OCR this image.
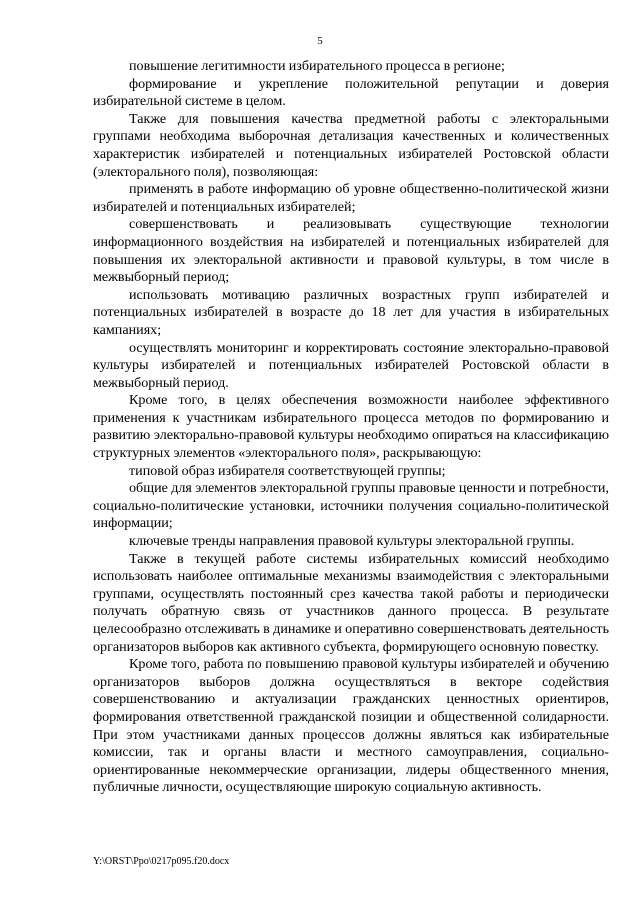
5

повышение легитимности избирательного процесса в регионе;

формирование и укрепление положительной репутации и доверия избирательной системе в целом.

Также для повышения качества предметной работы с электоральными группами необходима выборочная детализация качественных и количественных характеристик избирателей и потенциальных избирателей Ростовской области (электорального поля), позволяющая:

применять в работе информацию об уровне общественно-политической жизни избирателей и потенциальных избирателей;

совершенствовать и реализовывать существующие технологии информационного воздействия на избирателей и потенциальных избирателей для повышения их электоральной активности и правовой культуры, в том числе в межвыборный период;

использовать мотивацию различных возрастных групп избирателей и потенциальных избирателей в возрасте до 18 лет для участия в избирательных кампаниях;

осуществлять мониторинг и корректировать состояние электорально-правовой культуры избирателей и потенциальных избирателей Ростовской области в межвыборный период.

Кроме того, в целях обеспечения возможности наиболее эффективного применения к участникам избирательного процесса методов по формированию и развитию электорально-правовой культуры необходимо опираться на классификацию структурных элементов «электорального поля», раскрывающую:

типовой образ избирателя соответствующей группы;

общие для элементов электоральной группы правовые ценности и потребности, социально-политические установки, источники получения социально-политической информации;

ключевые тренды направления правовой культуры электоральной группы.

Также в текущей работе системы избирательных комиссий необходимо использовать наиболее оптимальные механизмы взаимодействия с электоральными группами, осуществлять постоянный срез качества такой работы и периодически получать обратную связь от участников данного процесса. В результате целесообразно отслеживать в динамике и оперативно совершенствовать деятельность организаторов выборов как активного субъекта, формирующего основную повестку.

Кроме того, работа по повышению правовой культуры избирателей и обучению организаторов выборов должна осуществляться в векторе содействия совершенствованию и актуализации гражданских ценностных ориентиров, формирования ответственной гражданской позиции и общественной солидарности. При этом участниками данных процессов должны являться как избирательные комиссии, так и органы власти и местного самоуправления, социально-ориентированные некоммерческие организации, лидеры общественного мнения, публичные личности, осуществляющие широкую социальную активность.

Y:\ORST\Ppo\0217p095.f20.docx
